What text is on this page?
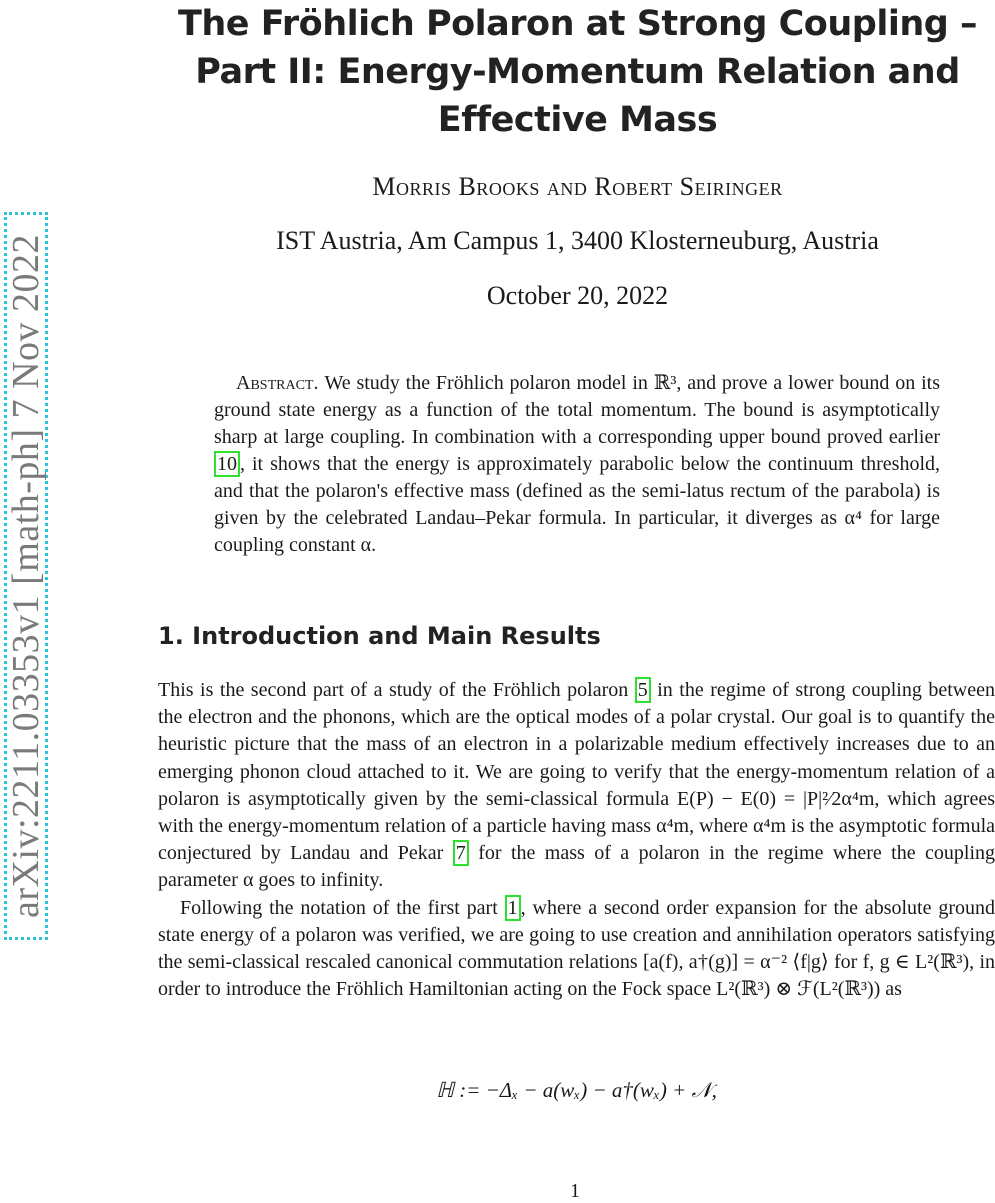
arXiv:2211.03353v1 [math-ph] 7 Nov 2022
The Fröhlich Polaron at Strong Coupling –
Part II: Energy-Momentum Relation and
Effective Mass
Morris Brooks and Robert Seiringer
IST Austria, Am Campus 1, 3400 Klosterneuburg, Austria
October 20, 2022
Abstract. We study the Fröhlich polaron model in ℝ³, and prove a lower bound on its ground state energy as a function of the total momentum. The bound is asymptotically sharp at large coupling. In combination with a corresponding upper bound proved earlier 10 , it shows that the energy is approximately parabolic below the continuum threshold, and that the polaron's effective mass (defined as the semi-latus rectum of the parabola) is given by the celebrated Landau–Pekar formula. In particular, it diverges as α⁴ for large coupling constant α.
1. Introduction and Main Results

This is the second part of a study of the Fröhlich polaron 5 in the regime of strong coupling between the electron and the phonons, which are the optical modes of a polar crystal. Our goal is to quantify the heuristic picture that the mass of an electron in a polarizable medium effectively increases due to an emerging phonon cloud attached to it. We are going to verify that the energy-momentum relation of a polaron is asymptotically given by the semi-classical formula E(P) − E(0) = |P|²⁄2α⁴m, which agrees with the energy-momentum relation of a particle having mass α⁴m, where α⁴m is the asymptotic formula conjectured by Landau and Pekar 7 for the mass of a polaron in the regime where the coupling parameter α goes to infinity.

Following the notation of the first part 1 , where a second order expansion for the absolute ground state energy of a polaron was verified, we are going to use creation and annihilation operators satisfying the semi-classical rescaled canonical commutation relations [a(f), a†(g)] = α⁻² ⟨f|g⟩ for f, g ∈ L²(ℝ³), in order to introduce the Fröhlich Hamiltonian acting on the Fock space L²(ℝ³) ⊗ ℱ(L²(ℝ³)) as

ℍ := −Δₓ − a(wₓ) − a†(wₓ) + 𝒩,
1
